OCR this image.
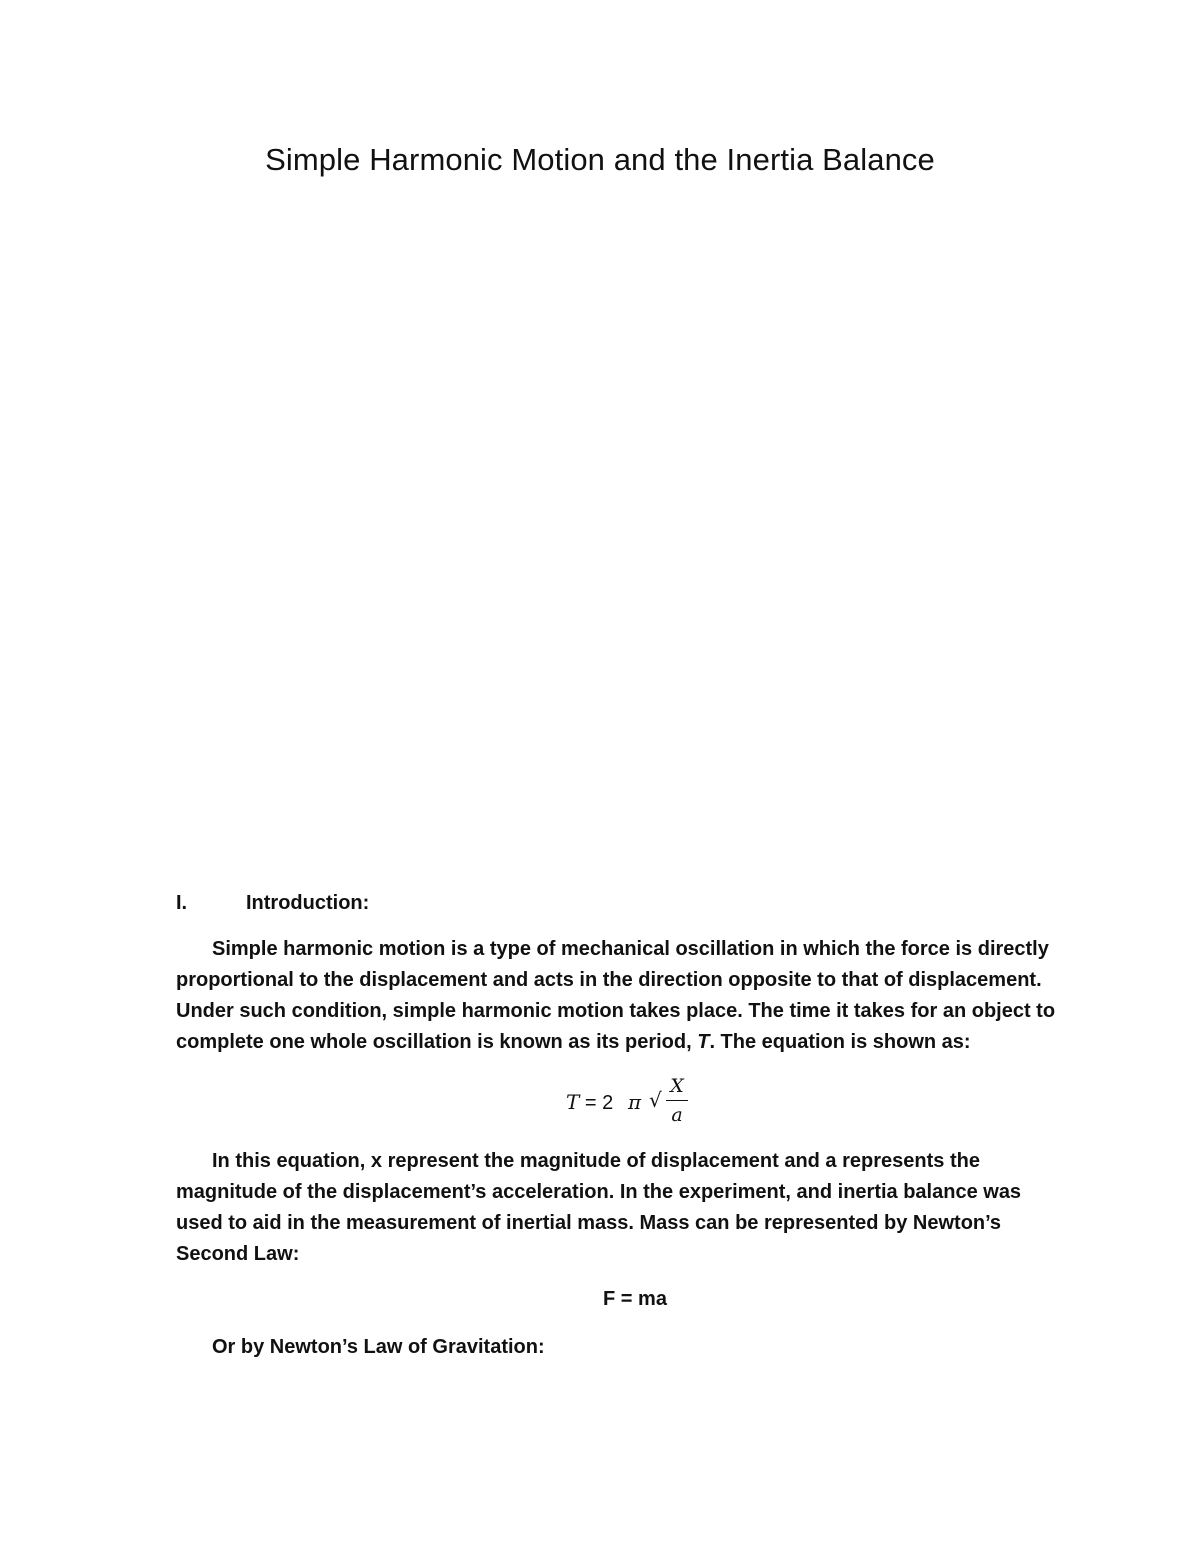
Simple Harmonic Motion and the Inertia Balance
I.	Introduction:

Simple harmonic motion is a type of mechanical oscillation in which the force is directly
proportional to the displacement and acts in the direction opposite to that of displacement.
Under such condition, simple harmonic motion takes place. The time it takes for an object to
complete one whole oscillation is known as its period, T. The equation is shown as:

T = 2 π √
X
a

In this equation, x represent the magnitude of displacement and a represents the
magnitude of the displacement’s acceleration. In the experiment, and inertia balance was
used to aid in the measurement of inertial mass. Mass can be represented by Newton’s
Second Law:

F = ma

Or by Newton’s Law of Gravitation:
